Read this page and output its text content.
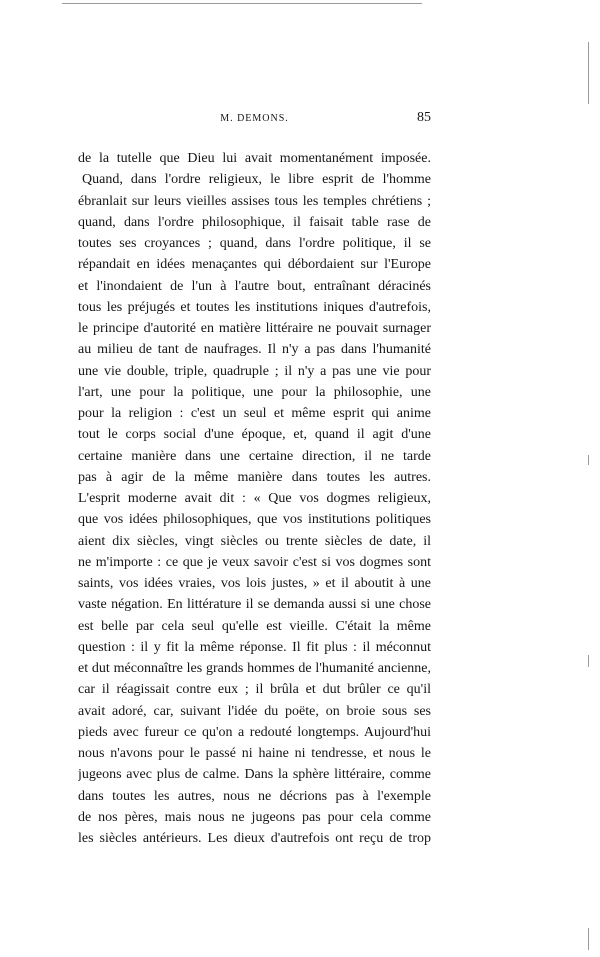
M. DEMONS.	85
de la tutelle que Dieu lui avait momentanément imposée.
Quand, dans l'ordre religieux, le libre esprit de l'homme
ébranlait sur leurs vieilles assises tous les temples chrétiens ;
quand, dans l'ordre philosophique, il faisait table rase de
toutes ses croyances ; quand, dans l'ordre politique, il se
répandait en idées menaçantes qui débordaient sur l'Europe
et l'inondaient de l'un à l'autre bout, entraînant déracinés
tous les préjugés et toutes les institutions iniques d'autrefois,
le principe d'autorité en matière littéraire ne pouvait surnager
au milieu de tant de naufrages. Il n'y a pas dans l'humanité
une vie double, triple, quadruple ; il n'y a pas une vie pour
l'art, une pour la politique, une pour la philosophie, une
pour la religion : c'est un seul et même esprit qui anime
tout le corps social d'une époque, et, quand il agit d'une
certaine manière dans une certaine direction, il ne tarde
pas à agir de la même manière dans toutes les autres.
L'esprit moderne avait dit : « Que vos dogmes religieux,
que vos idées philosophiques, que vos institutions politiques
aient dix siècles, vingt siècles ou trente siècles de date, il
ne m'importe : ce que je veux savoir c'est si vos dogmes sont
saints, vos idées vraies, vos lois justes, » et il aboutit à une
vaste négation. En littérature il se demanda aussi si une chose
est belle par cela seul qu'elle est vieille. C'était la même
question : il y fit la même réponse. Il fit plus : il méconnut
et dut méconnaître les grands hommes de l'humanité ancienne,
car il réagissait contre eux ; il brûla et dut brûler ce qu'il
avait adoré, car, suivant l'idée du poëte, on broie sous ses
pieds avec fureur ce qu'on a redouté longtemps. Aujourd'hui
nous n'avons pour le passé ni haine ni tendresse, et nous le
jugeons avec plus de calme. Dans la sphère littéraire, comme
dans toutes les autres, nous ne décrions pas à l'exemple
de nos pères, mais nous ne jugeons pas pour cela comme
les siècles antérieurs. Les dieux d'autrefois ont reçu de trop
